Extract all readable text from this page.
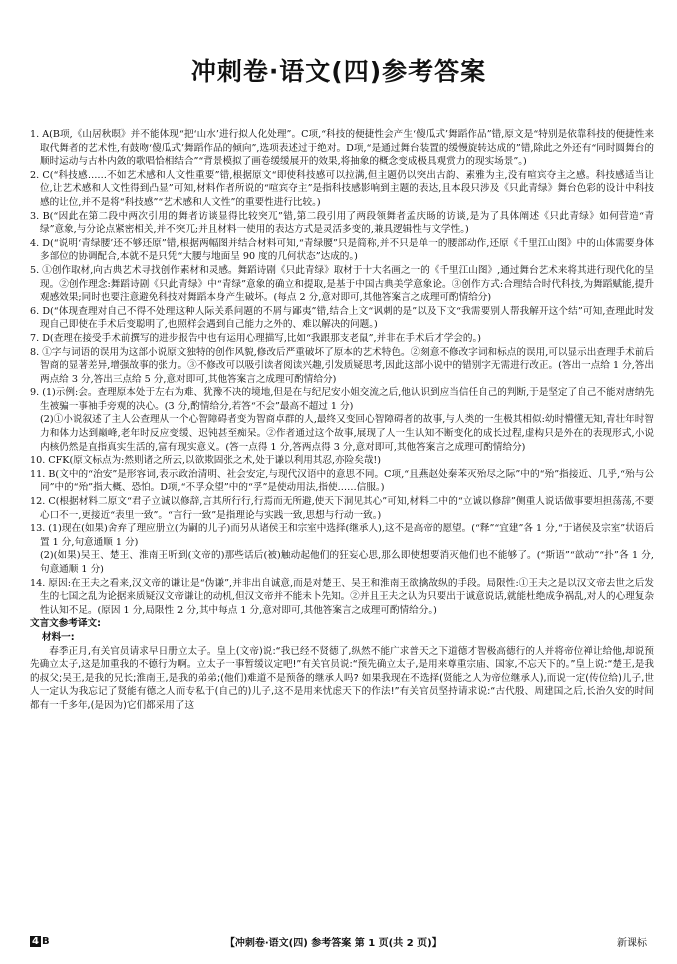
冲刺卷·语文(四)参考答案

1. A(B项,《山居秋暝》并不能体现“把‘山水’进行拟人化处理”。C项,“科技的便捷性会产生‘傻瓜式’舞蹈作品”错,原文是“特别是依靠科技的便捷性来取代舞者的艺术性,有鼓吻‘傻瓜式’舞蹈作品的倾向”,选项表述过于绝对。D项,“是通过舞台装置的缓慢旋转达成的”错,除此之外还有“同时圆舞台的顺时运动与古朴内敛的歌唱恰相结合”“背景模拟了画卷缓缓展开的效果,将抽象的概念变成极具观赏力的现实场景”。)

2. C(“科技感……不如艺术感和人文性重要”错,根据原文“即使科技感可以拉满,但主题仍以突出古韵、素雅为主,没有喧宾夺主之感。科技感适当让位,让艺术感和人文性得到凸显”可知,材料作者所说的“喧宾夺主”是指科技感影响到主题的表达,且本段只涉及《只此青绿》舞台色彩的设计中科技感的让位,并不是将“科技感”“艺术感和人文性”的重要性进行比较。)

3. B(“因此在第二段中两次引用的舞者访谈显得比较突兀”错,第二段引用了两段领舞者孟庆旸的访谈,是为了具体阐述《只此青绿》如何营造“青绿”意象,与分论点紧密相关,并不突兀;并且材料一使用的表达方式是灵活多变的,兼具逻辑性与文学性。)

4. D(“说明‘青绿腰’还不够还原”错,根据两幅图并结合材料可知,“青绿腰”只是简称,并不只是单一的腰部动作,还原《千里江山图》中的山体需要身体多部位的协调配合,本就不是只凭“大腰与地面呈 90 度的几何状态”达成的。)

5. ①创作取材,向古典艺术寻找创作素材和灵感。舞蹈诗剧《只此青绿》取材于十大名画之一的《千里江山图》,通过舞台艺术来将其进行现代化的呈现。②创作理念:舞蹈诗剧《只此青绿》中“青绿”意象的确立和提取,是基于中国古典美学意象论。③创作方式:合理结合时代科技,为舞蹈赋能,提升观感效果;同时也要注意避免科技对舞蹈本身产生破坏。(每点 2 分,意对即可,其他答案言之成理可酌情给分)

6. D(“体现查理对自己不得不处理这种人际关系问题的不屑与鄙夷”错,结合上文“讽刺的是”以及下文“我需要别人帮我解开这个结”可知,查理此时发现自己即使在手术后变聪明了,也照样会遇到自己能力之外的、难以解决的问题。)

7. D(查理在接受手术前撰写的进步报告中也有运用心理描写,比如“我跟那支老鼠”,并非在手术后才学会的。)

8. ①字与词语的误用为这部小说原文独特的创作风貌,修改后严重破坏了原本的艺术特色。②刻意不修改字词和标点的误用,可以显示出查理手术前后智商的显著差异,增强故事的张力。③不修改可以吸引读者阅读兴趣,引发质疑思考,因此这部小说中的错别字无需进行改正。(答出一点给 1 分,答出两点给 3 分,答出三点给 5 分,意对即可,其他答案言之成理可酌情给分)

9. (1)示例:会。查理原本处于左右为难、犹豫不决的境地,但是在与纪尼安小姐交流之后,他认识到应当信任自己的判断,于是坚定了自己不能对唐纳先生被骗一事袖手旁观的决心。(3 分,酌情给分,若答“不会”最高不超过 1 分)

(2)①小说叙述了主人公查理从一个心智障碍者变为智商卓群的人,最终又变回心智障碍者的故事,与人类的一生极其相似:幼时懵懂无知,青壮年时智力和体力达到巅峰,老年时反应变缓、迟钝甚至痴呆。②作者通过这个故事,展现了人一生认知不断变化的成长过程,虚构只是外在的表现形式,小说内核仍然是直指真实生活的,富有现实意义。(答一点得 1 分,答两点得 3 分,意对即可,其他答案言之成理可酌情给分)

10. CFK(原文标点为:然则诸之所云,以欲欺固张之术,处于谦以利用其忍,亦险矣哉!)

11. B(文中的“治安”是形容词,表示政治清明、社会安定,与现代汉语中的意思不同。C项,“且燕赵处秦苯灭殆尽之际”中的“殆”指接近、几乎,“殆与公同”中的“殆”指大概、恐怕。D项,“不孚众望”中的“孚”是使动用法,指使……信服。)

12. C(根据材料二原文“君子立诚以修辞,言其所行行,行焉而无所避,使天下洞见其心”可知,材料二中的“立诚以修辞”侧重人说话做事要坦担荡荡,不要心口不一,更接近“表里一致”。“言行一致”是指理论与实践一致,思想与行动一致。)

13. (1)现在(如果)舍弃了理应册立(为嗣的儿子)而另从诸侯王和宗室中选择(继承人),这不是高帝的愿望。(“释”“宜建”各 1 分,“于诸侯及宗室”状语后置 1 分,句意通顺 1 分)

(2)(如果)吴王、楚王、淮南王听到(文帝的)那些话后(被)触动起他们的狂妄心思,那么即使想要消灭他们也不能够了。(“斯语”“歆动”“扑”各 1 分,句意通顺 1 分)

14. 原因:在王夫之看来,汉文帝的谦让是“伪谦”,并非出自诚意,而是对楚王、吴王和淮南王欲擒故纵的手段。局限性:①王夫之是以汉文帝去世之后发生的七国之乱为论据来质疑汉文帝谦让的动机,但汉文帝并不能未卜先知。②并且王夫之认为只要出于诚意说话,就能杜绝成争祸乱,对人的心理复杂性认知不足。(原因 1 分,局限性 2 分,其中每点 1 分,意对即可,其他答案言之成理可酌情给分。)

文言文参考译文:

材料一:

春季正月,有关官员请求早日册立太子。皇上(文帝)说:“我已经不贤德了,纵然不能广求普天之下道德才智极高德行的人并将帝位禅让给他,却说预先确立太子,这是加重我的不德行为啊。立太子一事暂缓议定吧!”有关官员说:“预先确立太子,是用来尊重宗庙、国家,不忘天下的。”皇上说:“楚王,是我的叔父;吴王,是我的兄长;淮南王,是我的弟弟;(他们)难道不是预备的继承人吗? 如果我现在不选择(贤能之人为帝位继承人),而说一定(传位给)儿子,世人一定认为我忘记了贤能有德之人而专私于(自己的)儿子,这不是用来忧虑天下的作法!”有关官员坚持请求说:“古代殷、周建国之后,长治久安的时间都有一千多年,(是因为)它们都采用了这

4 B	【冲刺卷·语文(四) 参考答案 第 1 页(共 2 页)】	新课标
